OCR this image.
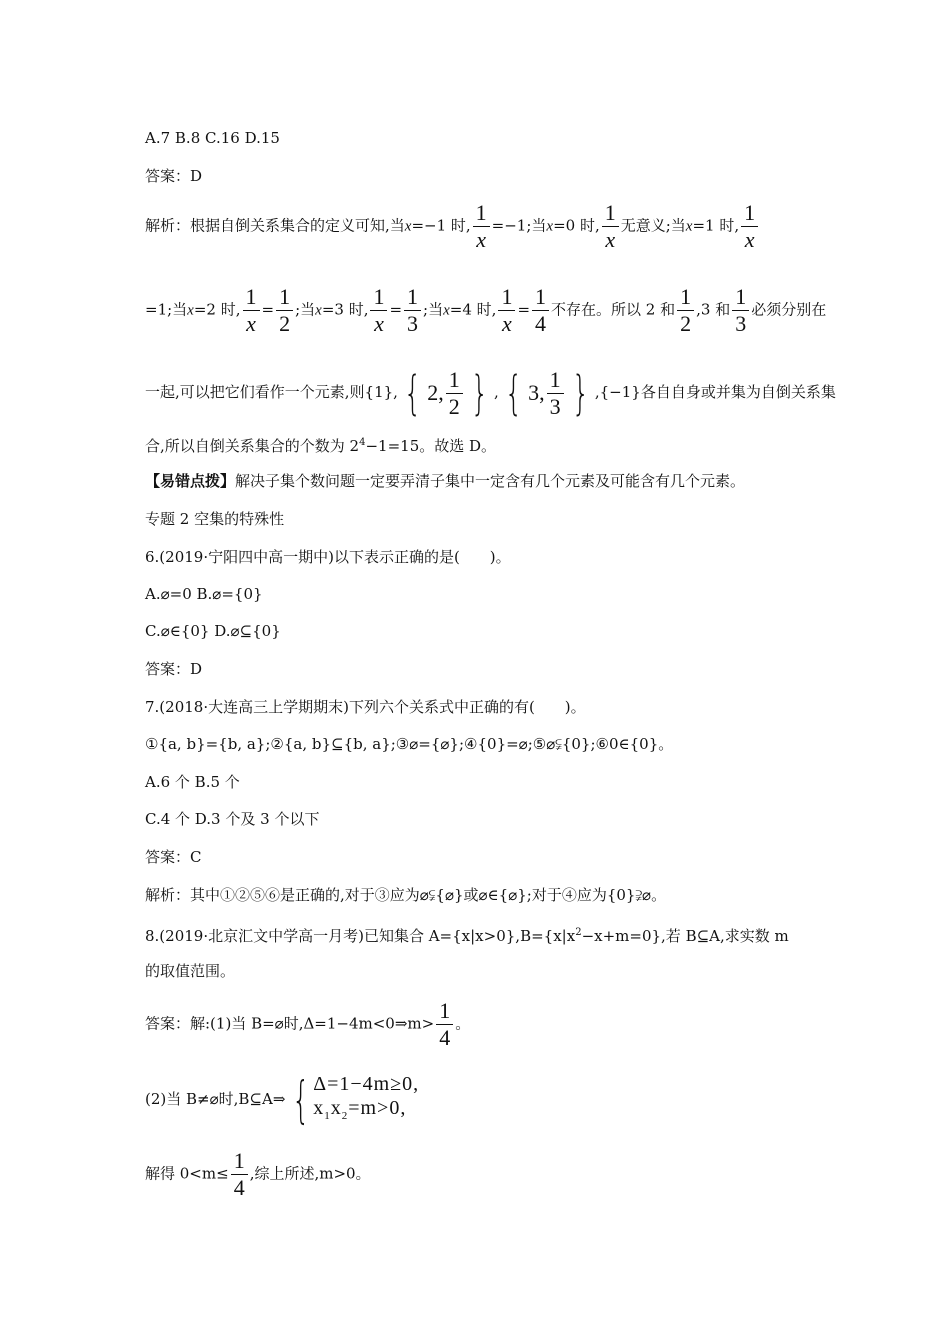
A.7 B.8 C.16 D.15
答案：D
解析：根据自倒关系集合的定义可知,当x=−1 时, $\frac{1}{x} =-1$;当x=0 时, $\frac{1}{x}$ 无意义;当x=1 时, $\frac{1}{x}$
=1;当x=2 时, $\frac{1}{x} = \frac{1}{2}$ ;当x=3 时, $\frac{1}{x} = \frac{1}{3}$ ;当x=4 时, $\frac{1}{x} = \frac{1}{4}$ 不存在。所以 2 和 $\frac{1}{2} ,3$ 和 $\frac{1}{3}$ 必须分别在
一起,可以把它们看作一个元素,则{1}, { 2, $\frac{1}{2}$ } , { 3, $\frac{1}{3}$ } ,{−1}各自自身或并集为自倒关系集
合,所以自倒关系集合的个数为 $2^4-1=15$。故选 D。
【易错点拨】解决子集个数问题一定要弄清子集中一定含有几个元素及可能含有几个元素。
专题 2 空集的特殊性
6.(2019·宁阳四中高一期中)以下表示正确的是(　　)。
A.⌀=0 B.⌀={0}
C.⌀∈{0} D.⌀⊆{0}
答案：D
7.(2018·大连高三上学期期末)下列六个关系式中正确的有(　　)。
①{a, b}={b, a};②{a, b}⊆{b, a};③⌀={⌀};④{0}=⌀;⑤⌀⫋{0};⑥0∈{0}。
A.6 个 B.5 个
C.4 个 D.3 个及 3 个以下
答案：C
解析：其中①②⑤⑥是正确的,对于③应为⌀⫋{⌀}或⌀∈{⌀};对于④应为{0}⫌⌀。
8.(2019·北京汇文中学高一月考)已知集合 $A=\{x|x>0\},B=\{x|x^2-x+m=0\}$,若 B⊆A,求实数 m
的取值范围。
答案：解:(1)当 B=⌀时,Δ=1−4m<0⇒m> $\frac{1}{4}$ 。
(2)当 B≠⌀时,B⊆A⇒ { Δ=1−4m≥0,
$x_1x_2=m>0$,
解得 $0<m\le \frac{1}{4}$ ,综上所述,m>0。
